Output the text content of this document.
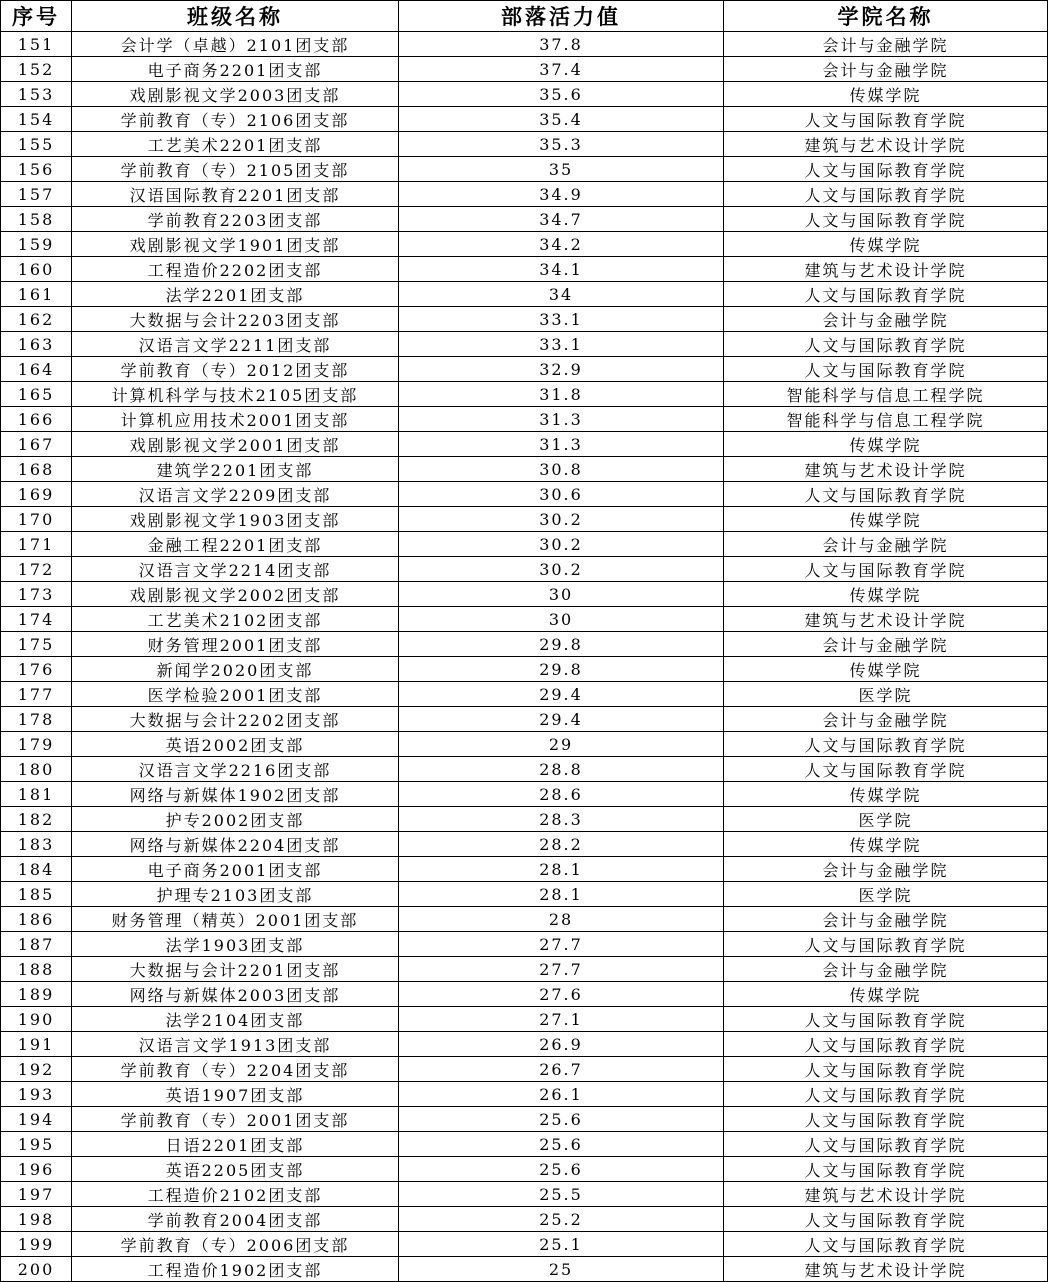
序号	班级名称	部落活力值	学院名称
151	会计学（卓越）2101团支部	37.8	会计与金融学院
152	电子商务2201团支部	37.4	会计与金融学院
153	戏剧影视文学2003团支部	35.6	传媒学院
154	学前教育（专）2106团支部	35.4	人文与国际教育学院
155	工艺美术2201团支部	35.3	建筑与艺术设计学院
156	学前教育（专）2105团支部	35	人文与国际教育学院
157	汉语国际教育2201团支部	34.9	人文与国际教育学院
158	学前教育2203团支部	34.7	人文与国际教育学院
159	戏剧影视文学1901团支部	34.2	传媒学院
160	工程造价2202团支部	34.1	建筑与艺术设计学院
161	法学2201团支部	34	人文与国际教育学院
162	大数据与会计2203团支部	33.1	会计与金融学院
163	汉语言文学2211团支部	33.1	人文与国际教育学院
164	学前教育（专）2012团支部	32.9	人文与国际教育学院
165	计算机科学与技术2105团支部	31.8	智能科学与信息工程学院
166	计算机应用技术2001团支部	31.3	智能科学与信息工程学院
167	戏剧影视文学2001团支部	31.3	传媒学院
168	建筑学2201团支部	30.8	建筑与艺术设计学院
169	汉语言文学2209团支部	30.6	人文与国际教育学院
170	戏剧影视文学1903团支部	30.2	传媒学院
171	金融工程2201团支部	30.2	会计与金融学院
172	汉语言文学2214团支部	30.2	人文与国际教育学院
173	戏剧影视文学2002团支部	30	传媒学院
174	工艺美术2102团支部	30	建筑与艺术设计学院
175	财务管理2001团支部	29.8	会计与金融学院
176	新闻学2020团支部	29.8	传媒学院
177	医学检验2001团支部	29.4	医学院
178	大数据与会计2202团支部	29.4	会计与金融学院
179	英语2002团支部	29	人文与国际教育学院
180	汉语言文学2216团支部	28.8	人文与国际教育学院
181	网络与新媒体1902团支部	28.6	传媒学院
182	护专2002团支部	28.3	医学院
183	网络与新媒体2204团支部	28.2	传媒学院
184	电子商务2001团支部	28.1	会计与金融学院
185	护理专2103团支部	28.1	医学院
186	财务管理（精英）2001团支部	28	会计与金融学院
187	法学1903团支部	27.7	人文与国际教育学院
188	大数据与会计2201团支部	27.7	会计与金融学院
189	网络与新媒体2003团支部	27.6	传媒学院
190	法学2104团支部	27.1	人文与国际教育学院
191	汉语言文学1913团支部	26.9	人文与国际教育学院
192	学前教育（专）2204团支部	26.7	人文与国际教育学院
193	英语1907团支部	26.1	人文与国际教育学院
194	学前教育（专）2001团支部	25.6	人文与国际教育学院
195	日语2201团支部	25.6	人文与国际教育学院
196	英语2205团支部	25.6	人文与国际教育学院
197	工程造价2102团支部	25.5	建筑与艺术设计学院
198	学前教育2004团支部	25.2	人文与国际教育学院
199	学前教育（专）2006团支部	25.1	人文与国际教育学院
200	工程造价1902团支部	25	建筑与艺术设计学院
